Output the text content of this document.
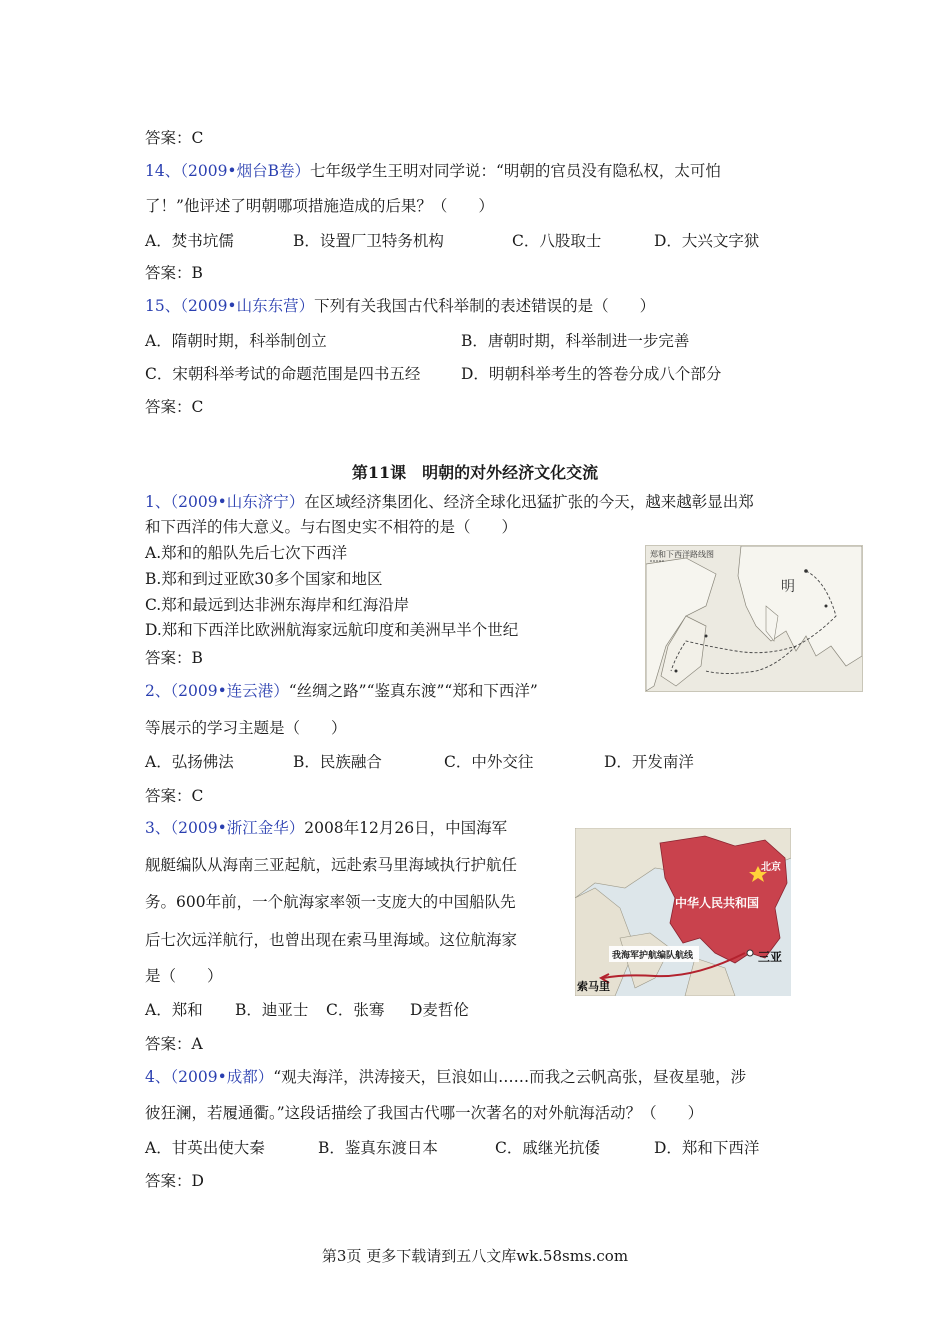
答案：C
14、（2009•烟台B卷）七年级学生王明对同学说：“明朝的官员没有隐私权，太可怕
了！”他评述了明朝哪项措施造成的后果？（　　）
A．焚书坑儒	B．设置厂卫特务机构	C．八股取士	D．大兴文字狱
答案：B
15、（2009•山东东营）下列有关我国古代科举制的表述错误的是（　　）
A．隋朝时期，科举制创立	B．唐朝时期，科举制进一步完善
C．宋朝科举考试的命题范围是四书五经	D．明朝科举考生的答卷分成八个部分
答案：C
第11课　明朝的对外经济文化交流
1、（2009•山东济宁）在区域经济集团化、经济全球化迅猛扩张的今天，越来越彰显出郑
和下西洋的伟大意义。与右图史实不相符的是（　　）
A.郑和的船队先后七次下西洋
B.郑和到过亚欧30多个国家和地区
C.郑和最远到达非洲东海岸和红海沿岸
D.郑和下西洋比欧洲航海家远航印度和美洲早半个世纪
答案：B
郑和下西洋路线图
明
2、（2009•连云港）“丝绸之路”“鉴真东渡”“郑和下西洋”
等展示的学习主题是（　　）
A．弘扬佛法	B．民族融合	C．中外交往	D．开发南洋
答案：C
3、（2009•浙江金华）2008年12月26日，中国海军
舰艇编队从海南三亚起航，远赴索马里海域执行护航任
务。600年前，一个航海家率领一支庞大的中国船队先
后七次远洋航行，也曾出现在索马里海域。这位航海家
是（　　）
A．郑和 B．迪亚士 C．张骞 D麦哲伦
答案：A
北京
中华人民共和国
我海军护航编队航线	三亚
索马里
4、（2009•成都）“观夫海洋，洪涛接天，巨浪如山……而我之云帆高张，昼夜星驰，涉
彼狂澜，若履通衢。”这段话描绘了我国古代哪一次著名的对外航海活动？（　　）
A．甘英出使大秦	B．鉴真东渡日本	C．戚继光抗倭	D．郑和下西洋
答案：D
第3页 更多下载请到五八文库wk.58sms.com
